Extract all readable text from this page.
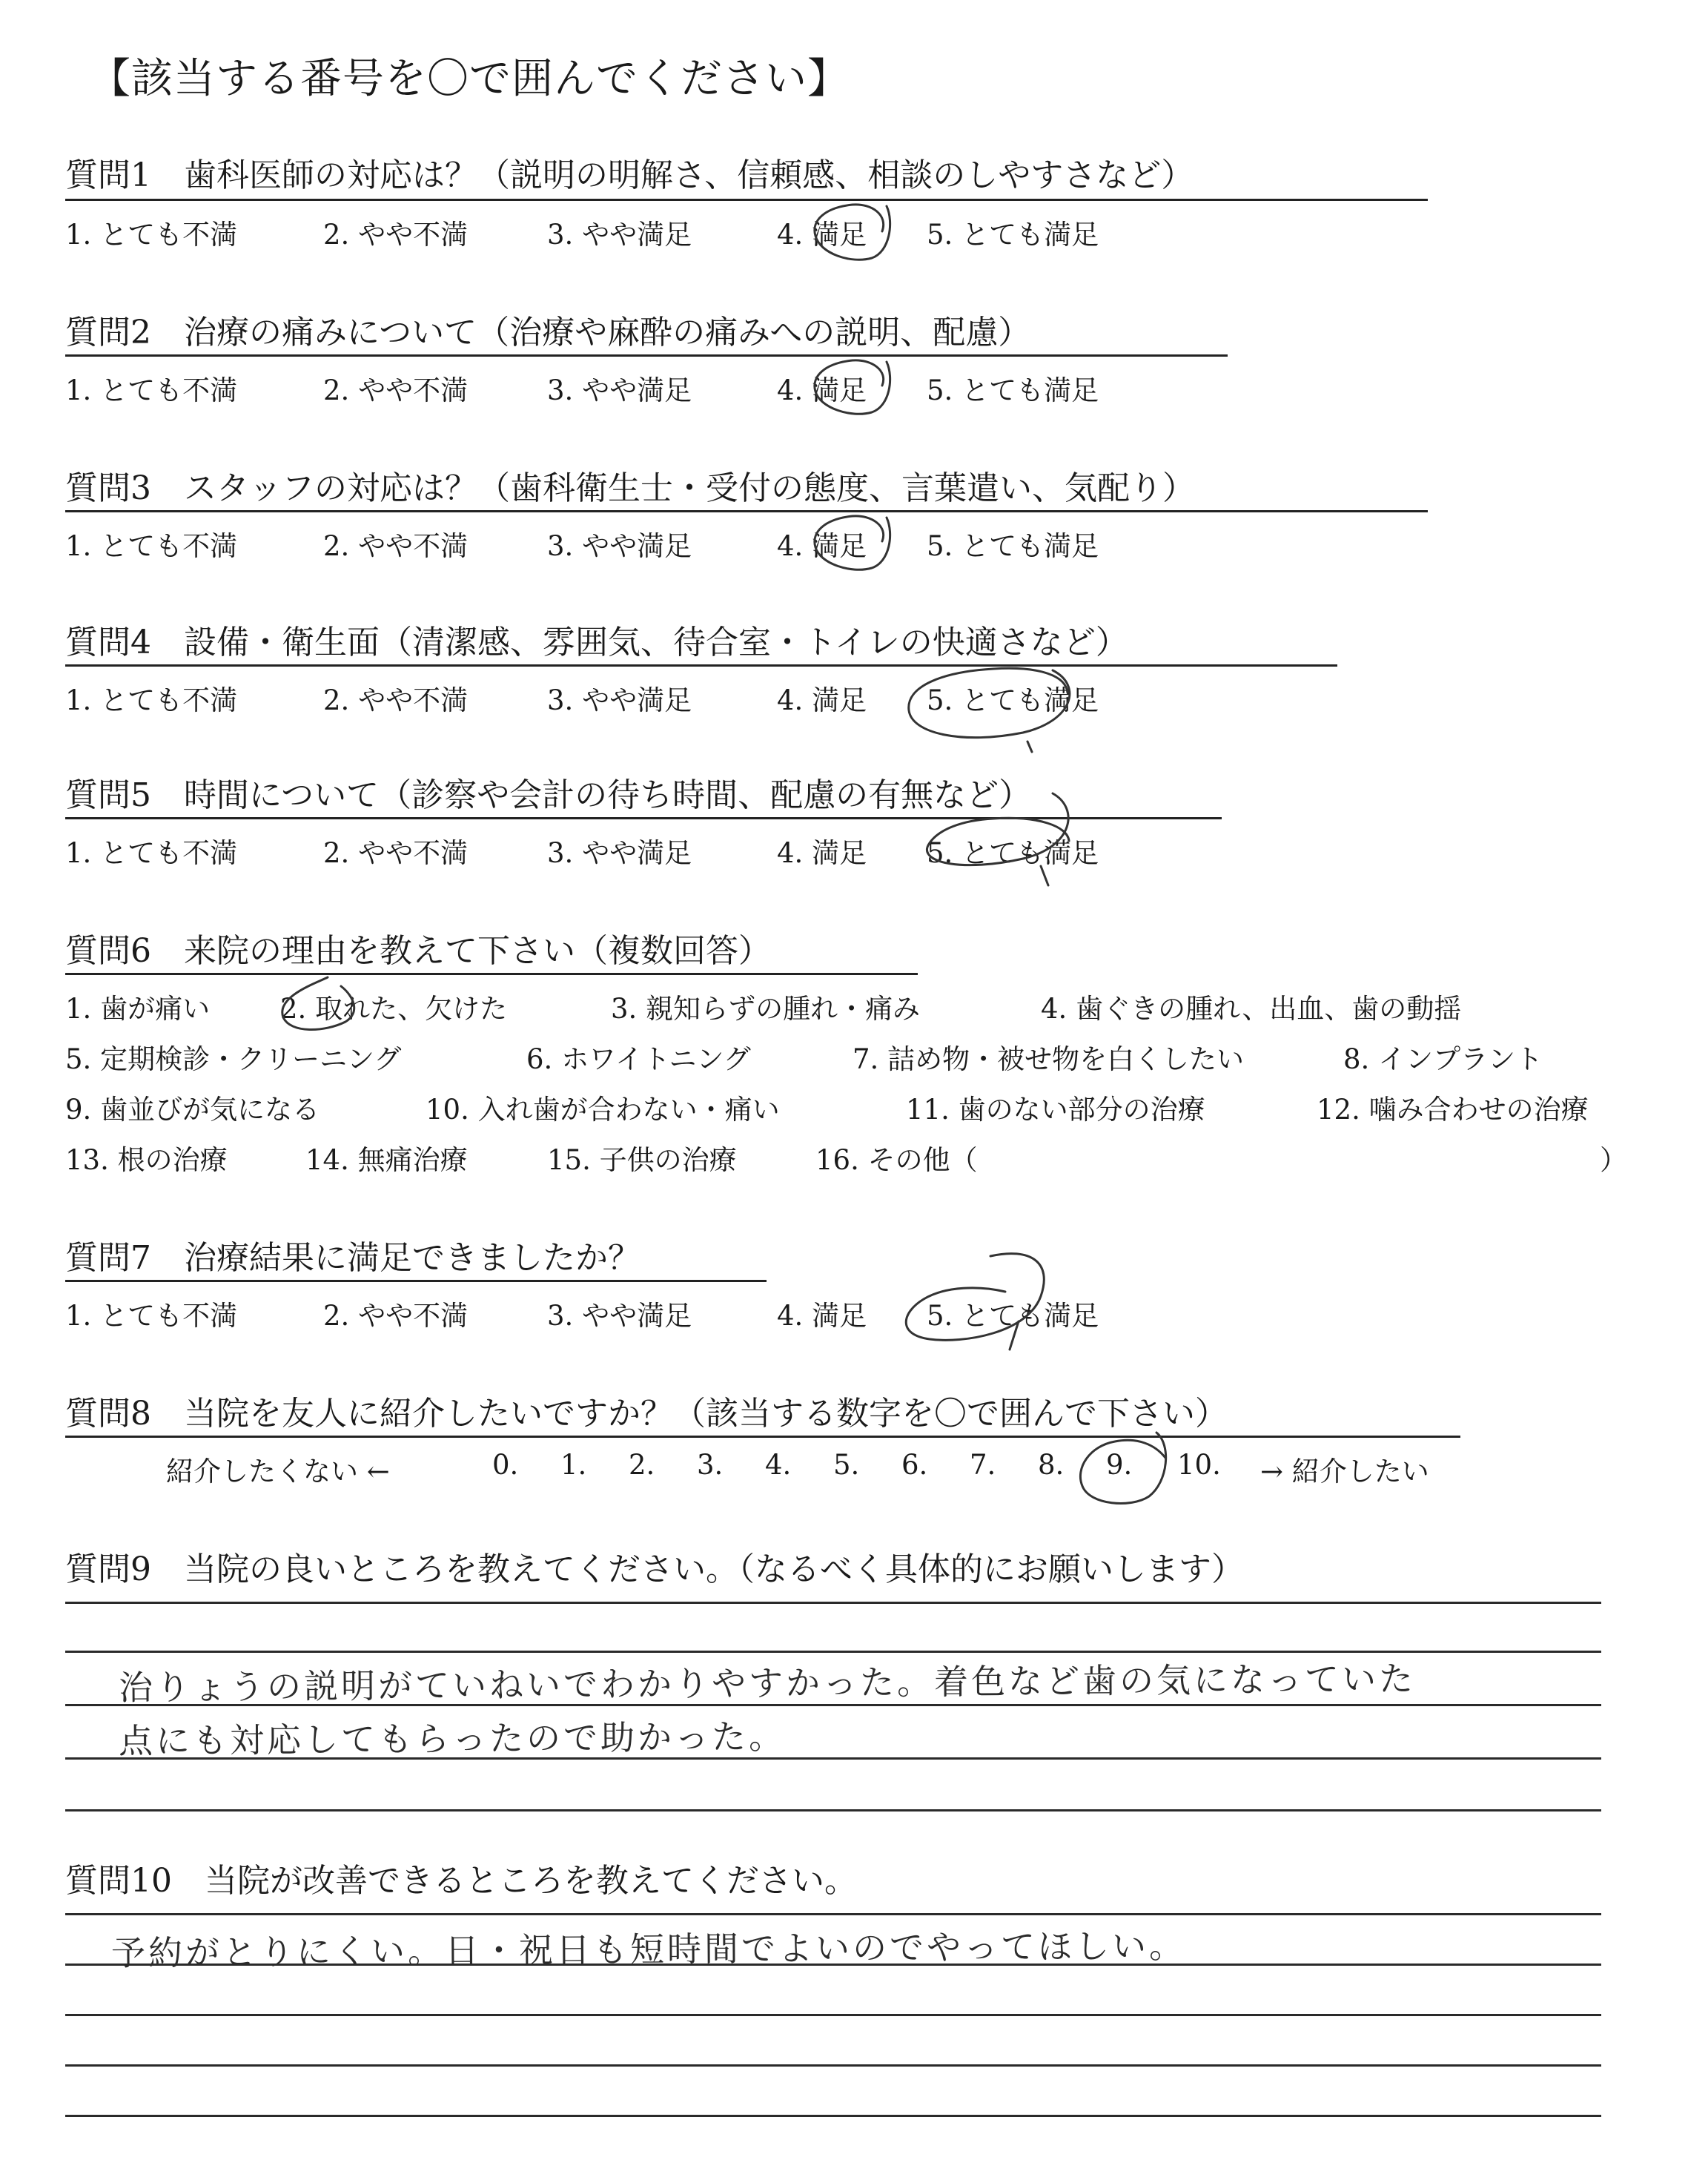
【該当する番号を〇で囲んでください】
質問1　 歯科医師の対応は？（説明の明解さ、信頼感、相談のしやすさなど）
1. とても不満	2. やや不満	3. やや満足	4. 満足 5. とても満足
質問2　 治療の痛みについて（治療や麻酔の痛みへの説明、配慮）
1. とても不満	2. やや不満	3. やや満足	4. 満足 5. とても満足
質問3　 スタッフの対応は？（歯科衛生士・受付の態度、言葉遣い、気配り）
1. とても不満	2. やや不満	3. やや満足	4. 満足 5. とても満足
質問4　 設備・衛生面（清潔感、雰囲気、待合室・トイレの快適さなど）
1. とても不満	2. やや不満	3. やや満足	4. 満足 5. とても満足
質問5　 時間について（診察や会計の待ち時間、配慮の有無など）
1. とても不満	2. やや不満	3. やや満足	4. 満足 5. とても満足
質問6　 来院の理由を教えて下さい（複数回答）
1. 歯が痛い	2. 取れた、欠けた	3. 親知らずの腫れ・痛み	4. 歯ぐきの腫れ、出血、歯の動揺
5. 定期検診・クリーニング	6. ホワイトニング	7. 詰め物・被せ物を白くしたい	8. インプラント
9. 歯並びが気になる	10. 入れ歯が合わない・痛い	11. 歯のない部分の治療	12. 噛み合わせの治療
13. 根の治療	14. 無痛治療	15. 子供の治療	16. その他（	）
質問7　 治療結果に満足できましたか？
1. とても不満	2. やや不満	3. やや満足	4. 満足 5. とても満足
質問8　 当院を友人に紹介したいですか？（該当する数字を〇で囲んで下さい）
紹介したくない ←	0. 1. 2. 3. 4. 5. 6. 7. 8. 9. 10. → 紹介したい
質問9　 当院の良いところを教えてください。（なるべく具体的にお願いします）
治りょうの説明がていねいでわかりやすかった。着色など歯の気になっていた
点にも対応してもらったので助かった。
質問10　 当院が改善できるところを教えてください。
予約がとりにくい。日・祝日も短時間でよいのでやってほしい。
